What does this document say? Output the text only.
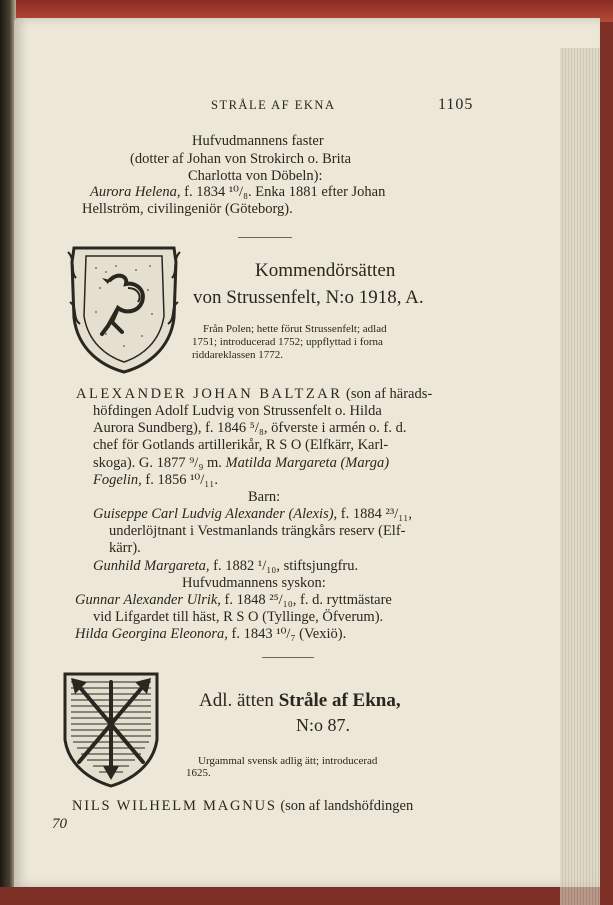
STRÅLE AF EKNA	1105
Hufvudmannens faster
(dotter af Johan von Strokirch o. Brita
Charlotta von Döbeln):
Aurora Helena, f. 1834 ¹⁰/₈. Enka 1881 efter Johan
Hellström, civilingeniör (Göteborg).
Kommendörsätten
von Strussenfelt, N:o 1918, A.
Från Polen; hette förut Strussenfelt; adlad
1751; introducerad 1752; uppflyttad i forna
riddareklassen 1772.
ALEXANDER JOHAN BALTZAR (son af härads-
höfdingen Adolf Ludvig von Strussenfelt o. Hilda
Aurora Sundberg), f. 1846 ⁵/₈, öfverste i armén o. f. d.
chef för Gotlands artillerikår, R S O (Elfkärr, Karl-
skoga). G. 1877 ⁹/₉ m. Matilda Margareta (Marga)
Fogelin, f. 1856 ¹⁰/₁₁.
Barn:
Guiseppe Carl Ludvig Alexander (Alexis), f. 1884 ²³/₁₁,
underlöjtnant i Vestmanlands trängkårs reserv (Elf-
kärr).
Gunhild Margareta, f. 1882 ¹/₁₀, stiftsjungfru.
Hufvudmannens syskon:
Gunnar Alexander Ulrik, f. 1848 ²⁵/₁₀, f. d. ryttmästare
vid Lifgardet till häst, R S O (Tyllinge, Öfverum).
Hilda Georgina Eleonora, f. 1843 ¹⁰/₇ (Vexiö).
Adl. ätten Stråle af Ekna,
N:o 87.
Urgammal svensk adlig ätt; introducerad
1625.
NILS WILHELM MAGNUS (son af landshöfdingen
70
